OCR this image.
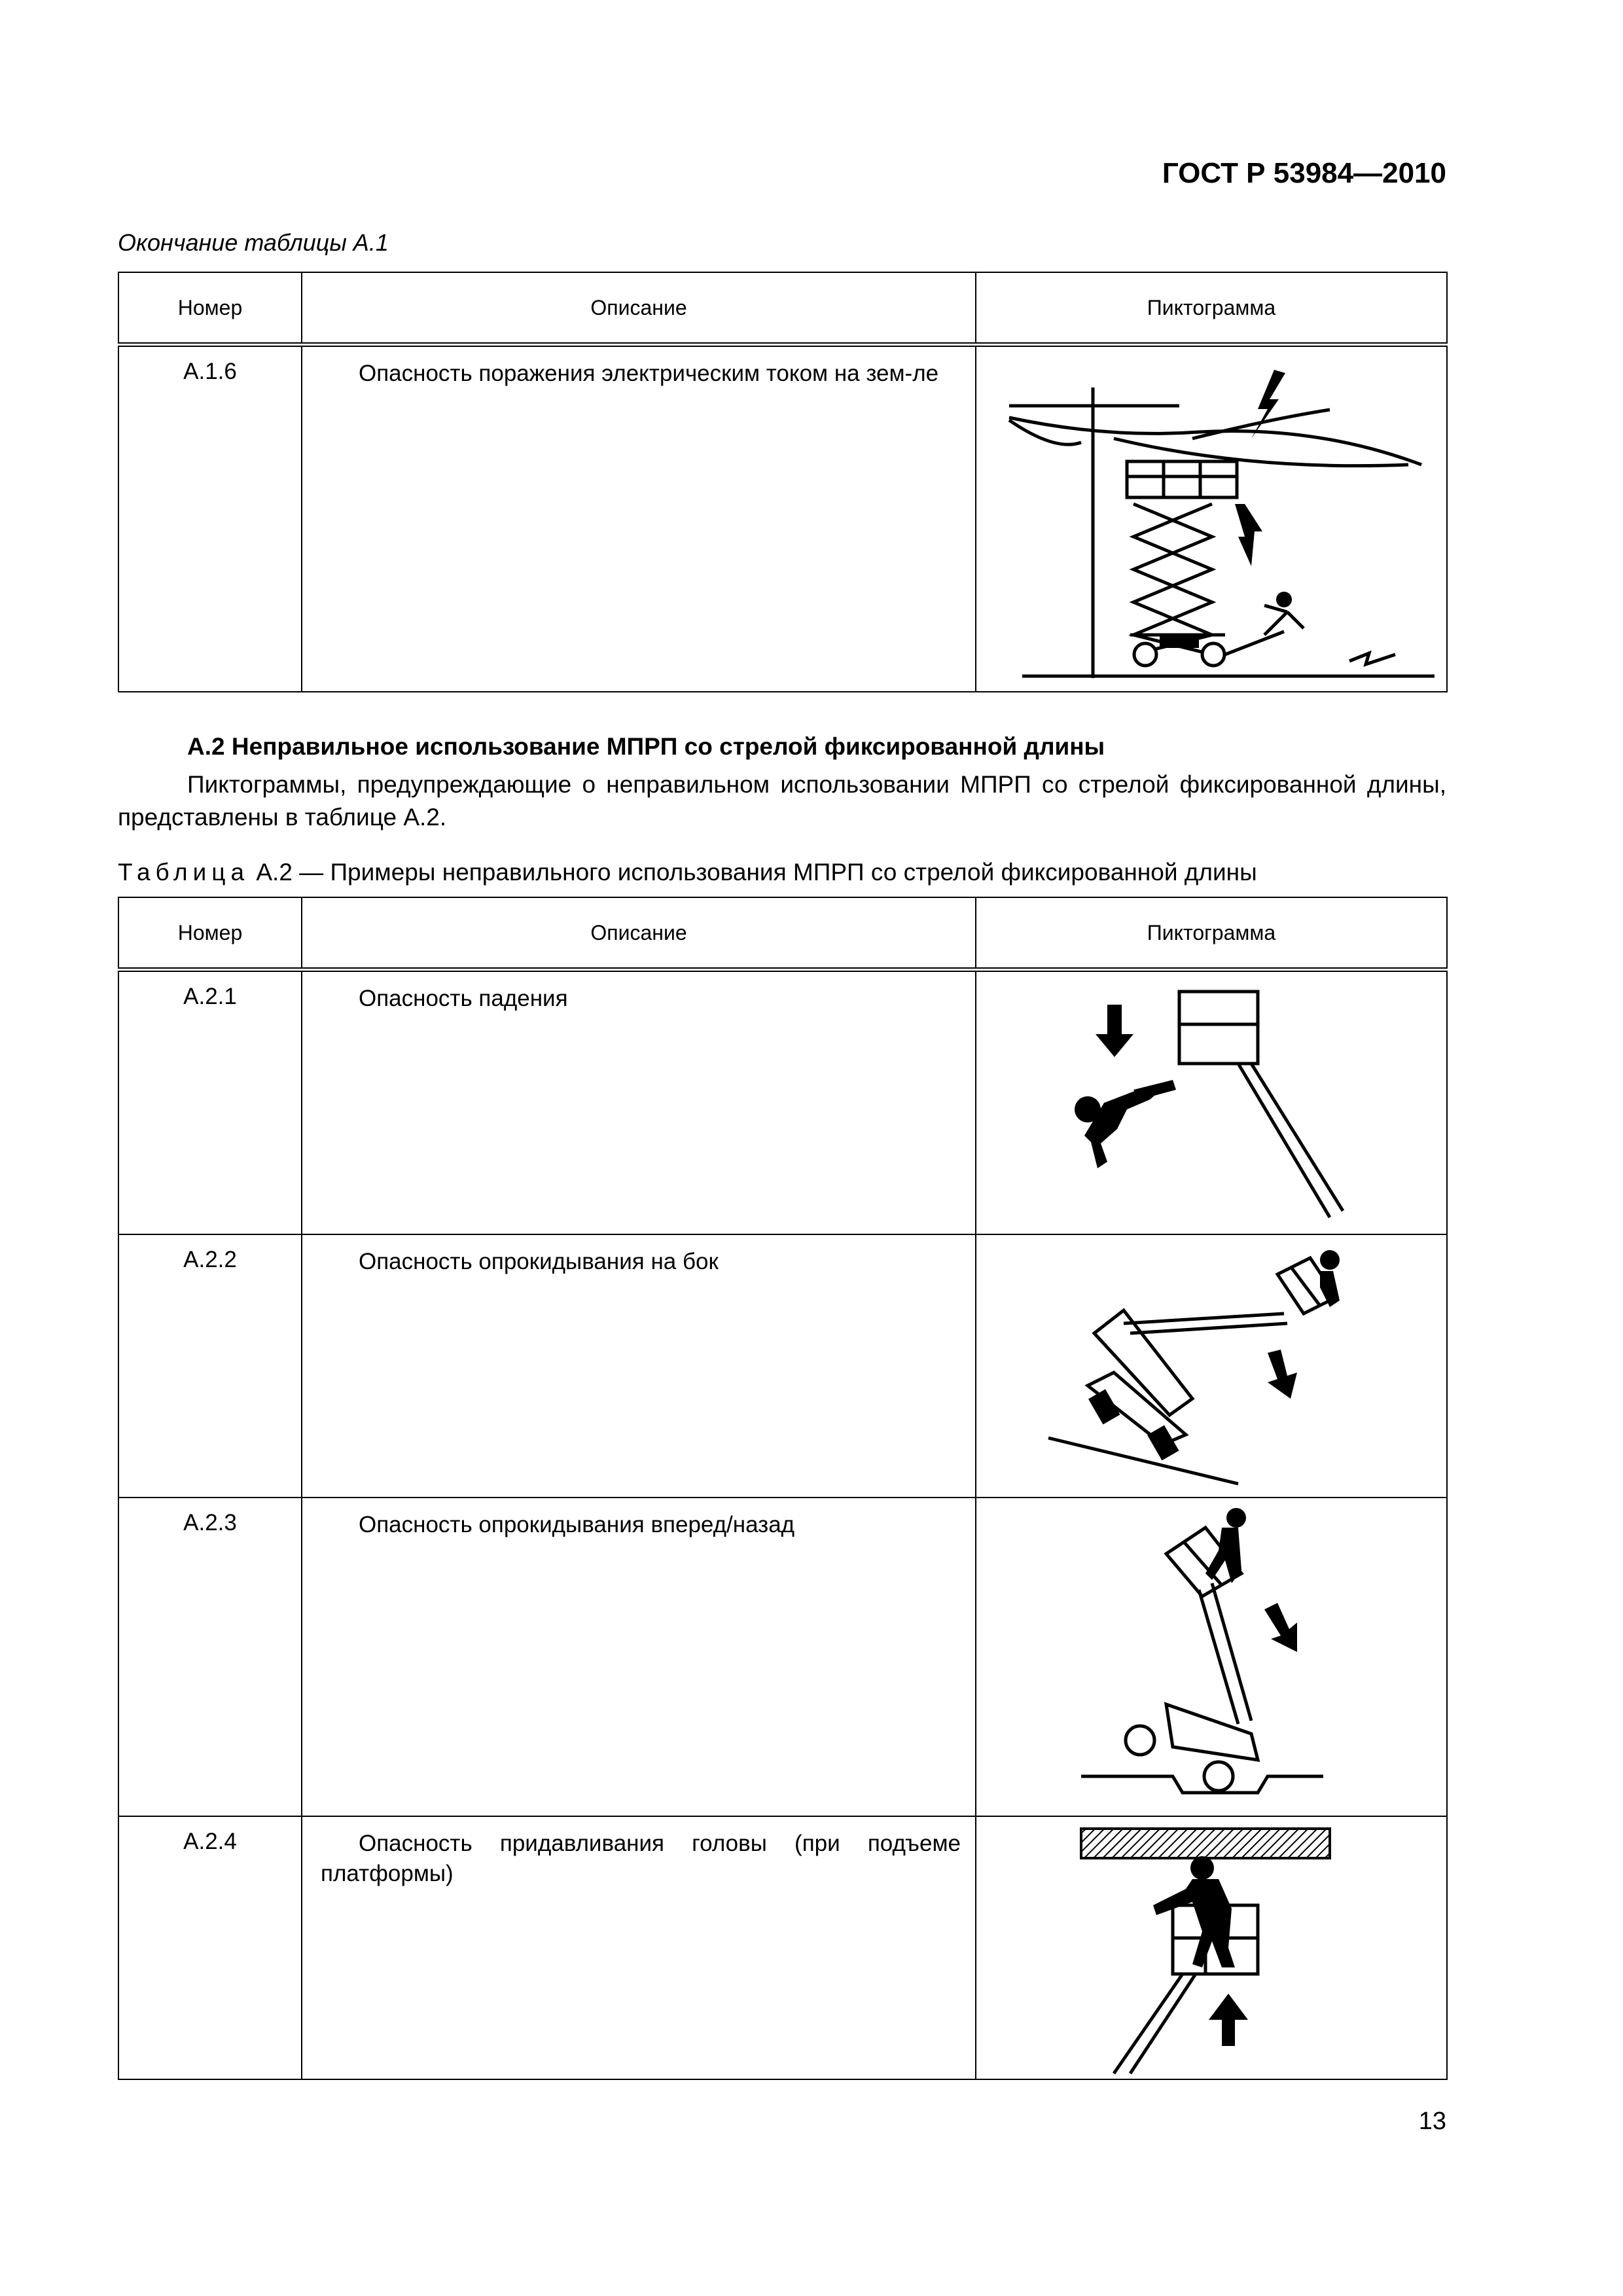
ГОСТ Р 53984—2010
Окончание таблицы А.1
Номер	Описание	Пиктограмма
А.1.6	Опасность поражения электрическим током на зем-ле	
А.2 Неправильное использование МПРП со стрелой фиксированной длины
Пиктограммы, предупреждающие о неправильном использовании МПРП со стрелой фиксированной длины, представлены в таблице А.2.
Таблица А.2 — Примеры неправильного использования МПРП со стрелой фиксированной длины
Номер	Описание	Пиктограмма
А.2.1	Опасность падения	

А.2.2	Опасность опрокидывания на бок	

А.2.3	Опасность опрокидывания вперед/назад	

А.2.4	Опасность придавливания головы (при подъеме платформы)	
13
